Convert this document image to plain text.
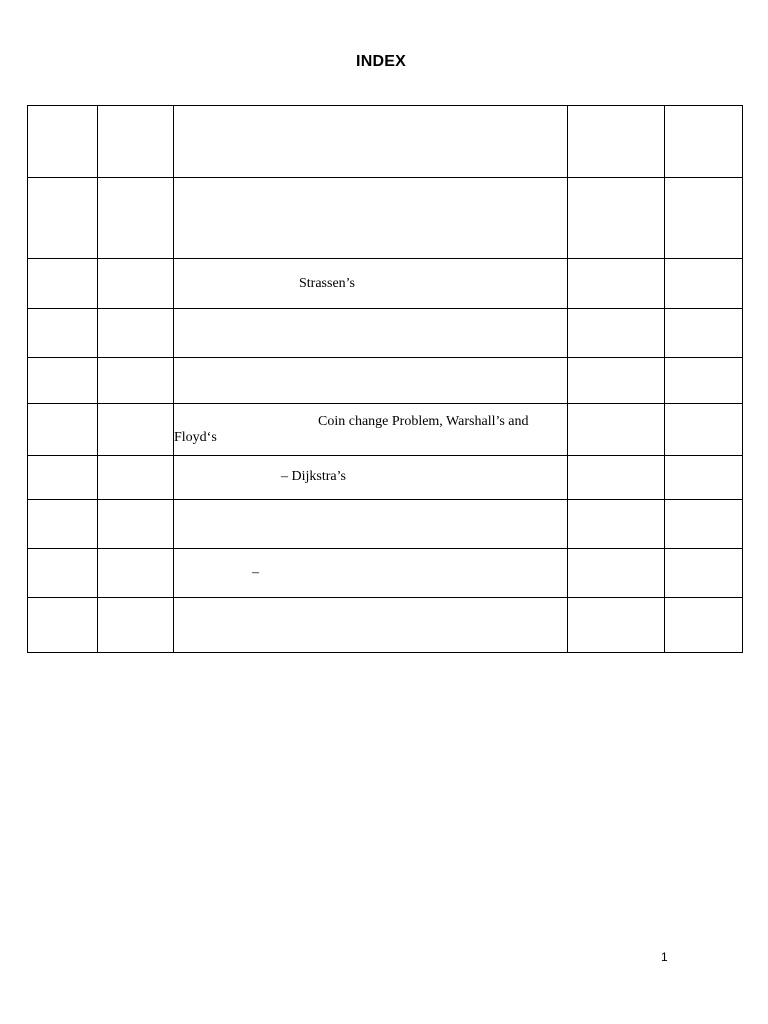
INDEX

		Strassen’s		

		Coin change Problem, Warshall’s and
Floyd‘s		

		– Dijkstra’s		

		–		

1
